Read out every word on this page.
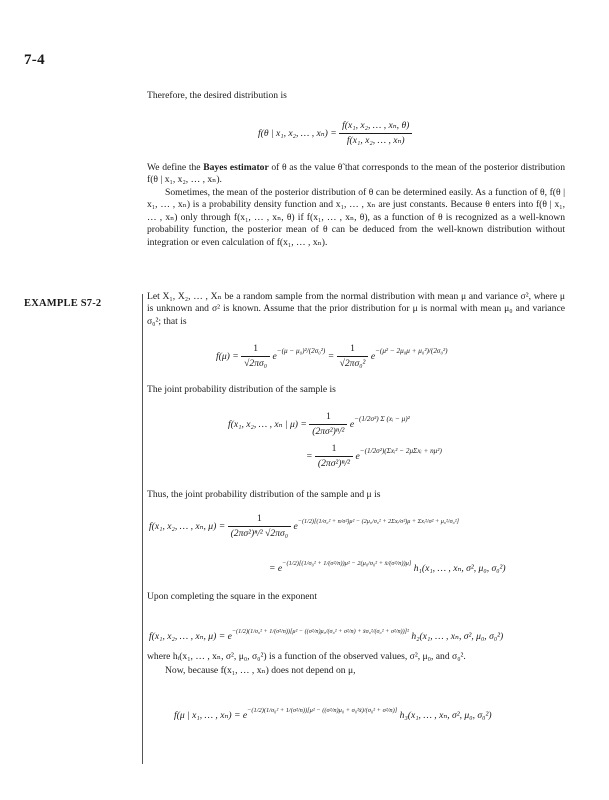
7-4
Therefore, the desired distribution is
f(θ | x₁, x₂, … , $x_n) = \frac{\text{f(x₁, x₂, … , xₙ, θ)}}{\text{f(x₁, x₂, … , xₙ)}}$
We define the Bayes estimator of θ as the value θ̃ that corresponds to the mean of the posterior distribution f(θ | x₁, x₂, … , xₙ).
Sometimes, the mean of the posterior distribution of θ can be determined easily. As a function of θ, f(θ | x₁, … , xₙ) is a probability density function and x₁, … , xₙ are just constants. Because θ enters into f(θ | x₁, … , xₙ) only through f(x₁, … , xₙ, θ) if f(x₁, … , xₙ, θ), as a function of θ is recognized as a well-known probability function, the posterior mean of θ can be deduced from the well-known distribution without integration or even calculation of f(x₁, … , xₙ).
EXAMPLE S7-2
Let X₁, X₂, … , Xₙ be a random sample from the normal distribution with mean μ and variance σ², where μ is unknown and σ² is known. Assume that the prior distribution for μ is normal with mean μ₀ and variance σ₀²; that is
$f(\mu) = \frac{1}{\text{√2πσ₀}} e^{-(\mu - \mu_0)^2/(2\sigma_0^2)} = \frac{1}{\text{√2πσ₀²}} e^{-(\mu^2 - 2\mu_0\mu + \mu_0^2)/(2\sigma_0^2)}$
The joint probability distribution of the sample is
f(x₁, x₂, … , xₙ | $\mu) = \frac{1}{\text{(2πσ²)ⁿ/²}} e^{-(1/2\sigma^2) \Sigma (xᵢ - \mu)^2}$
= $\frac{1}{\text{(2πσ²)ⁿ/²}} e^{-(1/2\sigma^2)(\Sigma xᵢ^2 - 2\mu\Sigma xᵢ + n\mu^2)}$
Thus, the joint probability distribution of the sample and μ is
f(x₁, x₂, … , xₙ, $\mu) = \frac{1}{\text{(2πσ²)ⁿ/² √2πσ₀}} e^{-(1/2)[(1/\sigma_0^2 + n/\sigma^2)\mu^2 - (2\mu_0/\sigma_0^2 + 2\Sigma xᵢ/\sigma^2)\mu + \Sigma xᵢ^2/\sigma^2 + \mu_0^2/\sigma_0^2]}$
= $e^{-(1/2)[(1/\sigma_0^2 + 1/(\sigma^2/n))\mu^2 - 2(\mu_0/\sigma_0^2 + x̄/(\sigma^2/n))\mu]}$ h₁(x₁, … , xₙ, σ², μ₀, σ₀²)
Upon completing the square in the exponent
f(x₁, x₂, … , xₙ, $\mu) = e^{-(1/2)(1/\sigma_0^2 + 1/(\sigma^2/n))[\mu^2 - ((\sigma^2/n)\mu_0/(\sigma_0^2 + \sigma^2/n) + x̄\sigma_0^2/(\sigma_0^2 + \sigma^2/n))]^2}$ h₂(x₁, … , xₙ, σ², μ₀, σ₀²)
where hᵢ(x₁, … , xₙ, σ², μ₀, σ₀²) is a function of the observed values, σ², μ₀, and σ₀².
Now, because f(x₁, … , xₙ) does not depend on μ,
f(μ | x₁, … , $x_n) = e^{-(1/2)(1/\sigma_0^2 + 1/(\sigma^2/n))[\mu^2 - ((\sigma^2/n)\mu_0 + \sigma_0^2x̄)/(\sigma_0^2 + \sigma^2/n)]}$ h₃(x₁, … , xₙ, σ², μ₀, σ₀²)
